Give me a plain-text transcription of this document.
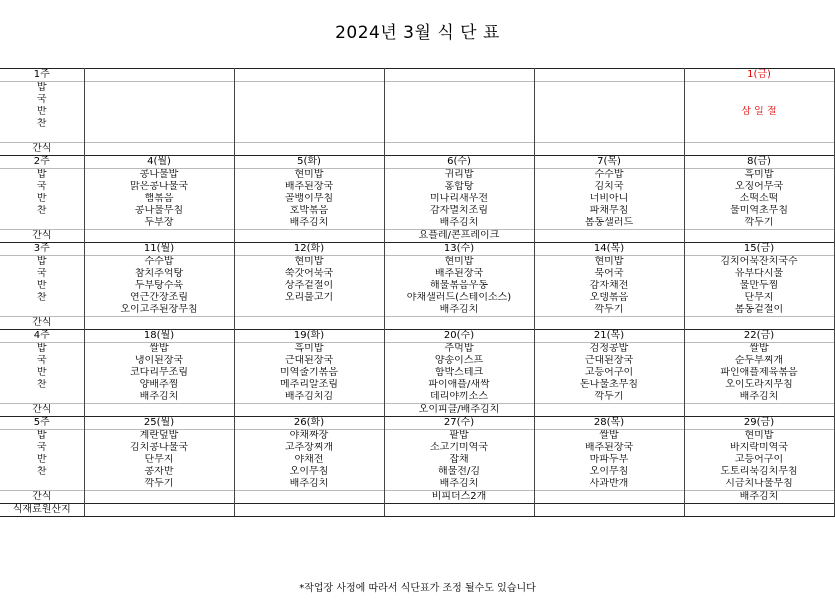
2024년 3월 식 단 표
1주					1(금)
밥					
국					
반					삼 일 절
찬					

간식					
2주	4(월)	5(화)	6(수)	7(목)	8(금)
밥	콩나물밥	현미밥	귀리밥	수수밥	흑미밥
국	맑은콩나물국	배추된장국	홍합탕	김치국	오징어무국
반	햄볶음	골뱅이무침	미나리새우전	너비아니	소떡소떡
찬	콩나물무침	호박볶음	감자멸치조림	파채무침	물미역초무침
	두부장	배추김치	배추김치	봄동샐러드	깍두기
간식			요플레/콘프레이크		
3주	11(월)	12(화)	13(수)	14(목)	15(금)
밥	수수밥	현미밥	현미밥	현미밥	김치어묵잔치국수
국	참치추억탕	쑥갓어묵국	배추된장국	북어국	유부다시물
반	두부탕수육	상추겉절이	해물볶음우동	감자채전	물만두찜
찬	연근간장조림	오리불고기	야채샐러드(스테이소스)	오뎅볶음	단무지
	오이고추된장무침		배추김치	깍두기	봄동겉절이
간식					
4주	18(월)	19(화)	20(수)	21(목)	22(금)
밥	쌀밥	흑미밥	주먹밥	검정콩밥	쌀밥
국	냉이된장국	근대된장국	양송이스프	근대된장국	순두부찌개
반	코다리무조림	미역줄기볶음	함박스테크	고등어구이	파인애플제육볶음
찬	양배추찜	메추리알조림	파이애플/새싹	돈나물초무침	오이도라지무침
	배추김치	배추김치김	데리야끼소스	깍두기	배추김치
간식			오이피클/배추김치		
5주	25(월)	26(화)	27(수)	28(목)	29(금)
밥	계란덮밥	야채짜장	팥밥	쌀밥	현미밥
국	김치콩나물국	고추장찌개	소고기미역국	배추된장국	바지락미역국
반	단무지	야채전	잡채	마파두부	고등어구이
찬	콩자반	오이무침	해물전/김	오이무침	도토리묵김치무침
	깍두기	배추김치	배추김치	사과반개	시금치나물무침
간식			비피더스2개		배추김치
식재료원산지					
*작업장 사정에 따라서 식단표가 조정 될수도 있습니다
